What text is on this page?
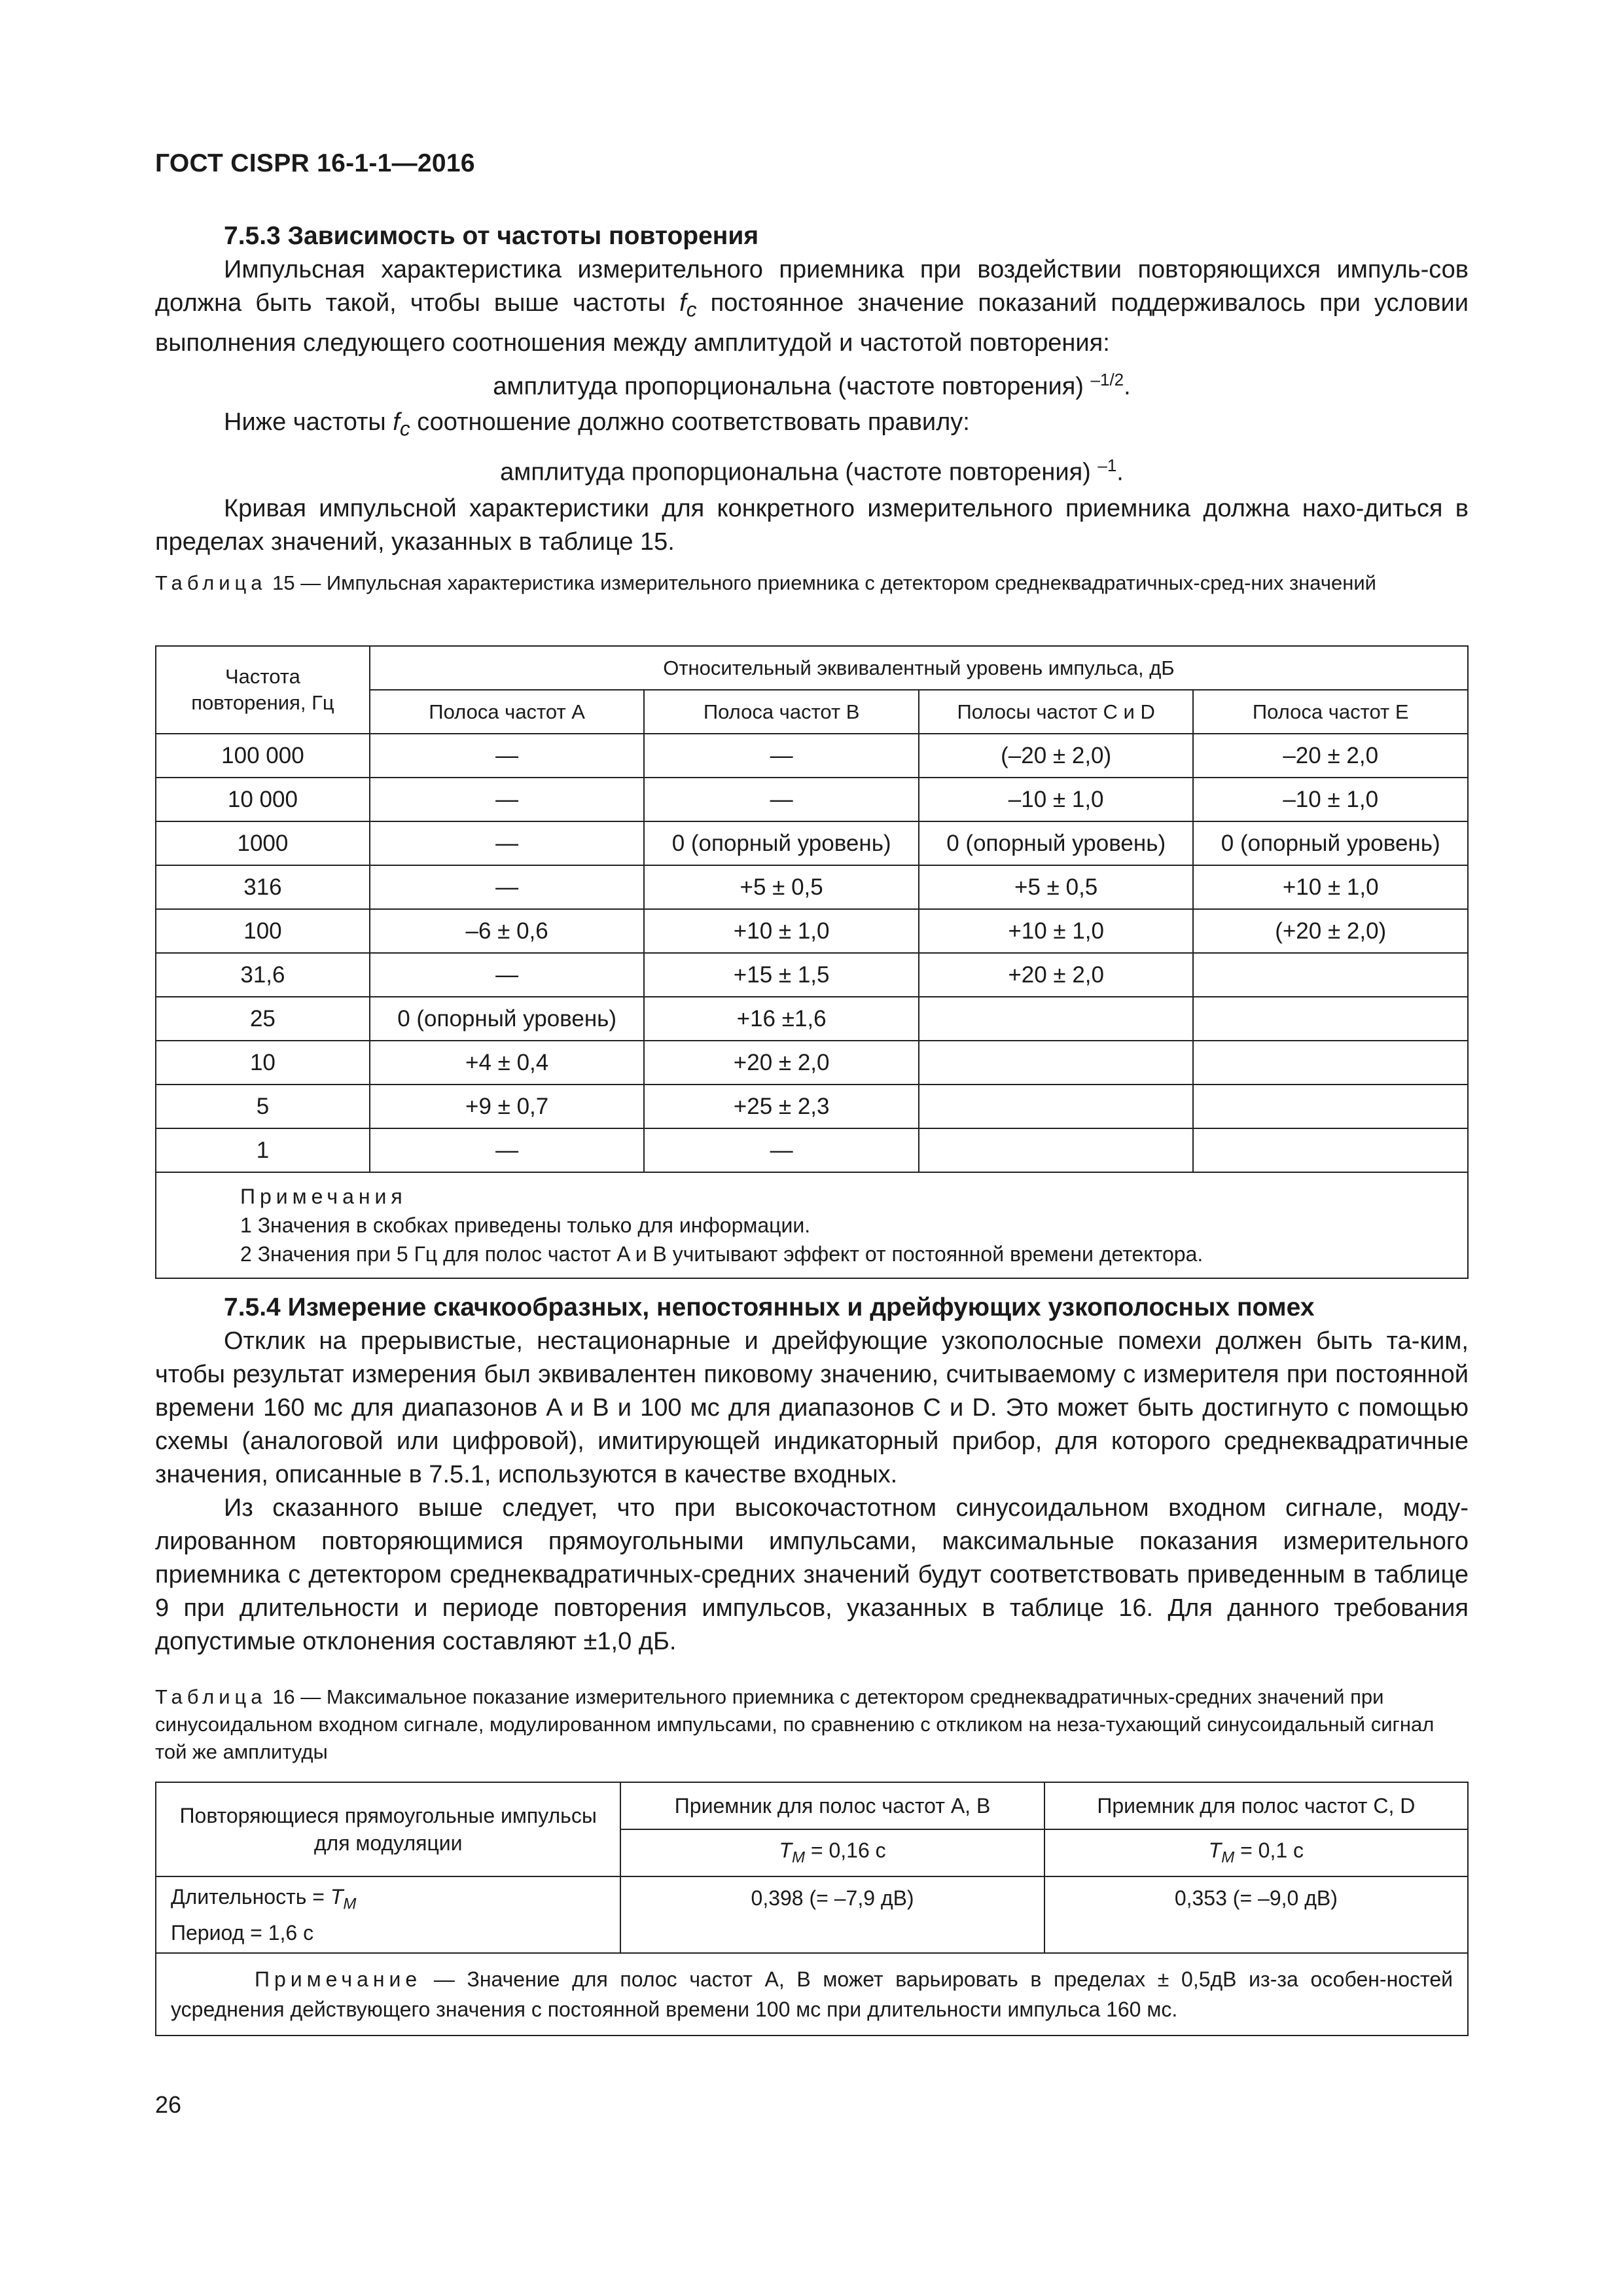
ГОСТ CISPR 16-1-1—2016
7.5.3 Зависимость от частоты повторения

Импульсная характеристика измерительного приемника при воздействии повторяющихся импуль-сов должна быть такой, чтобы выше частоты $f_c$ постоянное значение показаний поддерживалось при условии выполнения следующего соотношения между амплитудой и частотой повторения:

амплитуда пропорциональна (частоте повторения) $^{-1/2}$.

Ниже частоты $f_c$ соотношение должно соответствовать правилу:

амплитуда пропорциональна (частоте повторения) $^{-1}$.

Кривая импульсной характеристики для конкретного измерительного приемника должна нахо-диться в пределах значений, указанных в таблице 15.

Таблица 15 — Импульсная характеристика измерительного приемника с детектором среднеквадратичных-сред-них значений

Частота повторения, Гц	Относительный эквивалентный уровень импульса, дБ			
	Полоса частот A	Полоса частот B	Полосы частот C и D	Полоса частот E
100 000	—	—	(–20 ± 2,0)	–20 ± 2,0
10 000	—	—	–10 ± 1,0	–10 ± 1,0
1000	—	0 (опорный уровень)	0 (опорный уровень)	0 (опорный уровень)
316	—	+5 ± 0,5	+5 ± 0,5	+10 ± 1,0
100	–6 ± 0,6	+10 ± 1,0	+10 ± 1,0	(+20 ± 2,0)
31,6	—	+15 ± 1,5	+20 ± 2,0	
25	0 (опорный уровень)	+16 ±1,6		
10	+4 ± 0,4	+20 ± 2,0		
5	+9 ± 0,7	+25 ± 2,3		
1	—	—		

Примечания
1 Значения в скобках приведены только для информации.
2 Значения при 5 Гц для полос частот A и B учитывают эффект от постоянной времени детектора.				
7.5.4 Измерение скачкообразных, непостоянных и дрейфующих узкополосных помех

Отклик на прерывистые, нестационарные и дрейфующие узкополосные помехи должен быть та-ким, чтобы результат измерения был эквивалентен пиковому значению, считываемому с измерителя при постоянной времени 160 мс для диапазонов A и B и 100 мс для диапазонов C и D. Это может быть достигнуто с помощью схемы (аналоговой или цифровой), имитирующей индикаторный прибор, для которого среднеквадратичные значения, описанные в 7.5.1, используются в качестве входных.

Из сказанного выше следует, что при высокочастотном синусоидальном входном сигнале, моду-лированном повторяющимися прямоугольными импульсами, максимальные показания измерительного приемника с детектором среднеквадратичных-средних значений будут соответствовать приведенным в таблице 9 при длительности и периоде повторения импульсов, указанных в таблице 16. Для данного требования допустимые отклонения составляют ±1,0 дБ.

Таблица 16 — Максимальное показание измерительного приемника с детектором среднеквадратичных-средних значений при синусоидальном входном сигнале, модулированном импульсами, по сравнению с откликом на неза-тухающий синусоидальный сигнал той же амплитуды

Повторяющиеся прямоугольные импульсы для модуляции	Приемник для полос частот A, B	Приемник для полос частот C, D
	$T_M = 0,16$ с	$T_M = 0,1$ с

Длительность = $T_M$
Период = 1,6 с	0,398 (= –7,9 дВ)	0,353 (= –9,0 дВ)
Примечание — Значение для полос частот A, B может варьировать в пределах ± 0,5дВ из-за особен-ностей усреднения действующего значения с постоянной времени 100 мс при длительности импульса 160 мс.		
26
